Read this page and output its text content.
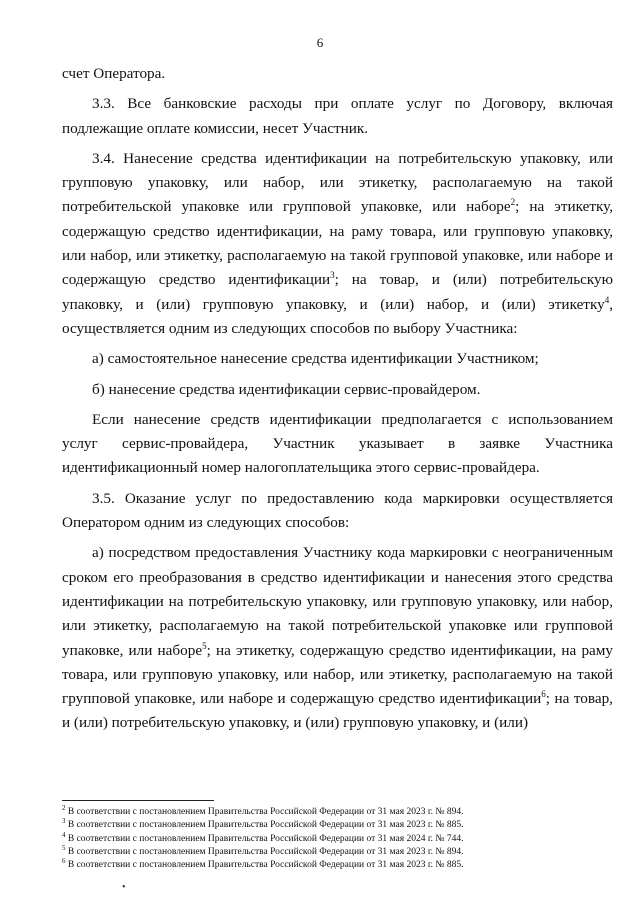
6

счет Оператора.

3.3. Все банковские расходы при оплате услуг по Договору, включая подлежащие оплате комиссии, несет Участник.

3.4. Нанесение средства идентификации на потребительскую упаковку, или групповую упаковку, или набор, или этикетку, располагаемую на такой потребительской упаковке или групповой упаковке, или наборе$^2$; на этикетку, содержащую средство идентификации, на раму товара, или групповую упаковку, или набор, или этикетку, располагаемую на такой групповой упаковке, или наборе и содержащую средство идентификации$^3$; на товар, и (или) потребительскую упаковку, и (или) групповую упаковку, и (или) набор, и (или) этикетку$^4$, осуществляется одним из следующих способов по выбору Участника:

а) самостоятельное нанесение средства идентификации Участником;

б) нанесение средства идентификации сервис-провайдером.

Если нанесение средств идентификации предполагается с использованием услуг сервис-провайдера, Участник указывает в заявке Участника идентификационный номер налогоплательщика этого сервис-провайдера.

3.5. Оказание услуг по предоставлению кода маркировки осуществляется Оператором одним из следующих способов:

а) посредством предоставления Участнику кода маркировки с неограниченным сроком его преобразования в средство идентификации и нанесения этого средства идентификации на потребительскую упаковку, или групповую упаковку, или набор, или этикетку, располагаемую на такой потребительской упаковке или групповой упаковке, или наборе$^5$; на этикетку, содержащую средство идентификации, на раму товара, или групповую упаковку, или набор, или этикетку, располагаемую на такой групповой упаковке, или наборе и содержащую средство идентификации$^6$; на товар, и (или) потребительскую упаковку, и (или) групповую упаковку, и (или)

$^2$ В соответствии с постановлением Правительства Российской Федерации от 31 мая 2023 г. № 894.
$^3$ В соответствии с постановлением Правительства Российской Федерации от 31 мая 2023 г. № 885.
$^4$ В соответствии с постановлением Правительства Российской Федерации от 31 мая 2024 г. № 744.
$^5$ В соответствии с постановлением Правительства Российской Федерации от 31 мая 2023 г. № 894.
$^6$ В соответствии с постановлением Правительства Российской Федерации от 31 мая 2023 г. № 885.
•
